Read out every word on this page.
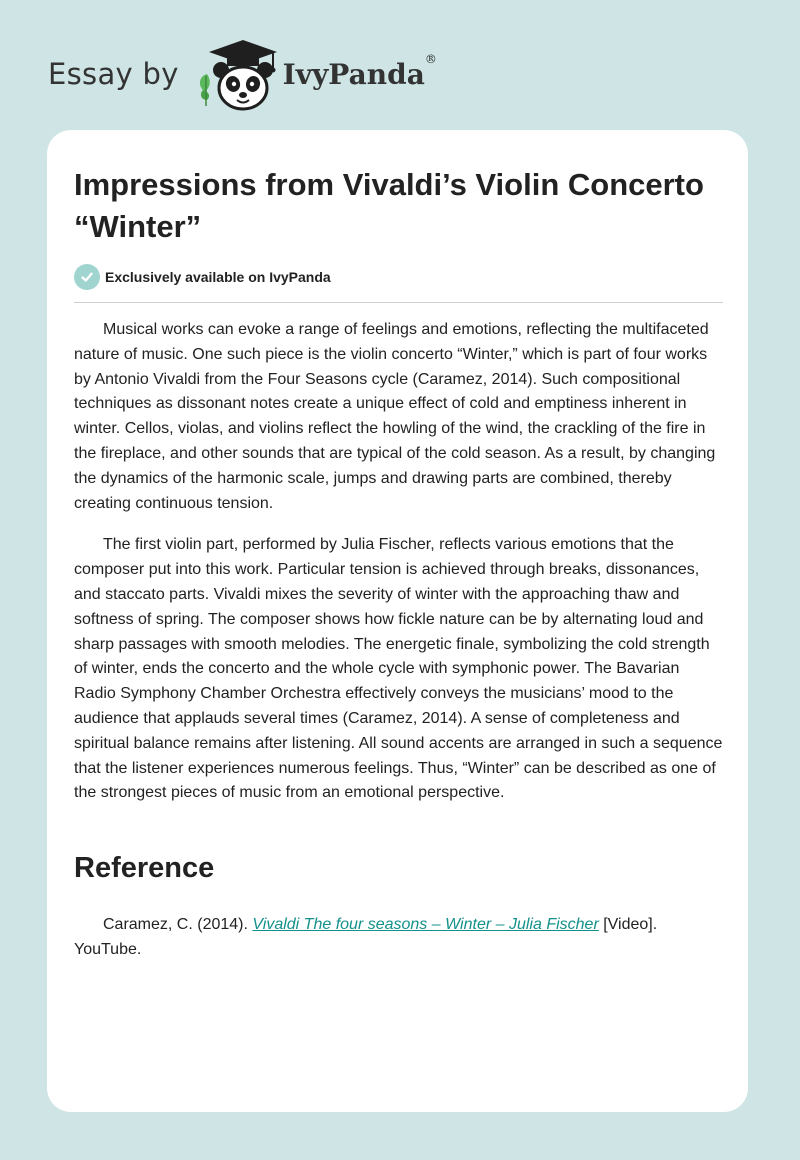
Essay by	IvyPanda®
Impressions from Vivaldi’s Violin Concerto “Winter”
Exclusively available on IvyPanda

Musical works can evoke a range of feelings and emotions, reflecting the multifaceted nature of music. One such piece is the violin concerto “Winter,” which is part of four works by Antonio Vivaldi from the Four Seasons cycle (Caramez, 2014). Such compositional techniques as dissonant notes create a unique effect of cold and emptiness inherent in winter. Cellos, violas, and violins reflect the howling of the wind, the crackling of the fire in the fireplace, and other sounds that are typical of the cold season. As a result, by changing the dynamics of the harmonic scale, jumps and drawing parts are combined, thereby creating continuous tension.

The first violin part, performed by Julia Fischer, reflects various emotions that the composer put into this work. Particular tension is achieved through breaks, dissonances, and staccato parts. Vivaldi mixes the severity of winter with the approaching thaw and softness of spring. The composer shows how fickle nature can be by alternating loud and sharp passages with smooth melodies. The energetic finale, symbolizing the cold strength of winter, ends the concerto and the whole cycle with symphonic power. The Bavarian Radio Symphony Chamber Orchestra effectively conveys the musicians’ mood to the audience that applauds several times (Caramez, 2014). A sense of completeness and spiritual balance remains after listening. All sound accents are arranged in such a sequence that the listener experiences numerous feelings. Thus, “Winter” can be described as one of the strongest pieces of music from an emotional perspective.

Reference

Caramez, C. (2014). Vivaldi The four seasons – Winter – Julia Fischer [Video]. YouTube.
